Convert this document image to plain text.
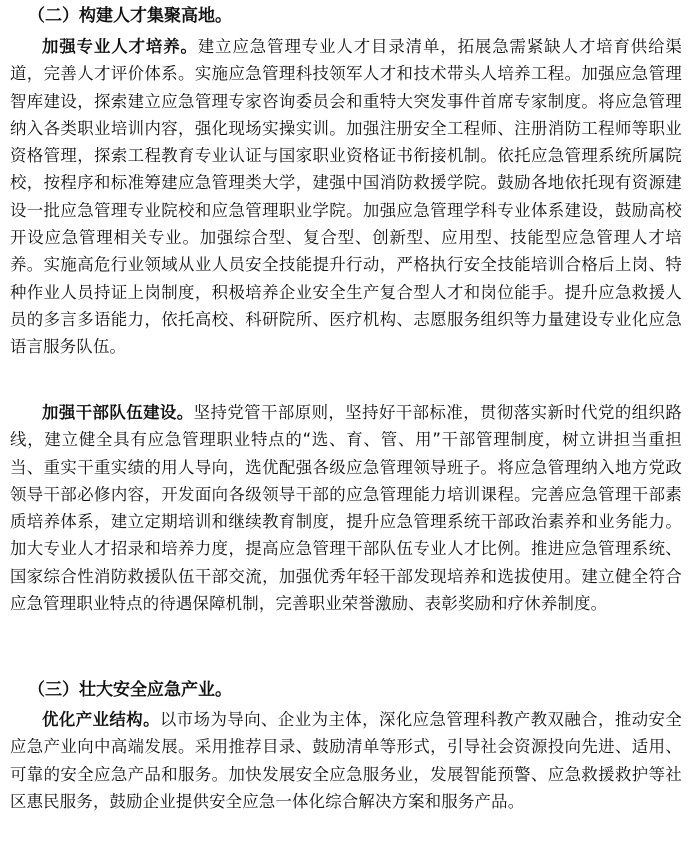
（二）构建人才集聚高地。

加强专业人才培养。建立应急管理专业人才目录清单，拓展急需紧缺人才培育供给渠道，完善人才评价体系。实施应急管理科技领军人才和技术带头人培养工程。加强应急管理智库建设，探索建立应急管理专家咨询委员会和重特大突发事件首席专家制度。将应急管理纳入各类职业培训内容，强化现场实操实训。加强注册安全工程师、注册消防工程师等职业资格管理，探索工程教育专业认证与国家职业资格证书衔接机制。依托应急管理系统所属院校，按程序和标准筹建应急管理类大学，建强中国消防救援学院。鼓励各地依托现有资源建设一批应急管理专业院校和应急管理职业学院。加强应急管理学科专业体系建设，鼓励高校开设应急管理相关专业。加强综合型、复合型、创新型、应用型、技能型应急管理人才培养。实施高危行业领域从业人员安全技能提升行动，严格执行安全技能培训合格后上岗、特种作业人员持证上岗制度，积极培养企业安全生产复合型人才和岗位能手。提升应急救援人员的多言多语能力，依托高校、科研院所、医疗机构、志愿服务组织等力量建设专业化应急语言服务队伍。

加强干部队伍建设。坚持党管干部原则，坚持好干部标准，贯彻落实新时代党的组织路线，建立健全具有应急管理职业特点的“选、育、管、用”干部管理制度，树立讲担当重担当、重实干重实绩的用人导向，选优配强各级应急管理领导班子。将应急管理纳入地方党政领导干部必修内容，开发面向各级领导干部的应急管理能力培训课程。完善应急管理干部素质培养体系，建立定期培训和继续教育制度，提升应急管理系统干部政治素养和业务能力。加大专业人才招录和培养力度，提高应急管理干部队伍专业人才比例。推进应急管理系统、国家综合性消防救援队伍干部交流，加强优秀年轻干部发现培养和选拔使用。建立健全符合应急管理职业特点的待遇保障机制，完善职业荣誉激励、表彰奖励和疗休养制度。

（三）壮大安全应急产业。

优化产业结构。以市场为导向、企业为主体，深化应急管理科教产教双融合，推动安全应急产业向中高端发展。采用推荐目录、鼓励清单等形式，引导社会资源投向先进、适用、可靠的安全应急产品和服务。加快发展安全应急服务业，发展智能预警、应急救援救护等社区惠民服务，鼓励企业提供安全应急一体化综合解决方案和服务产品。
